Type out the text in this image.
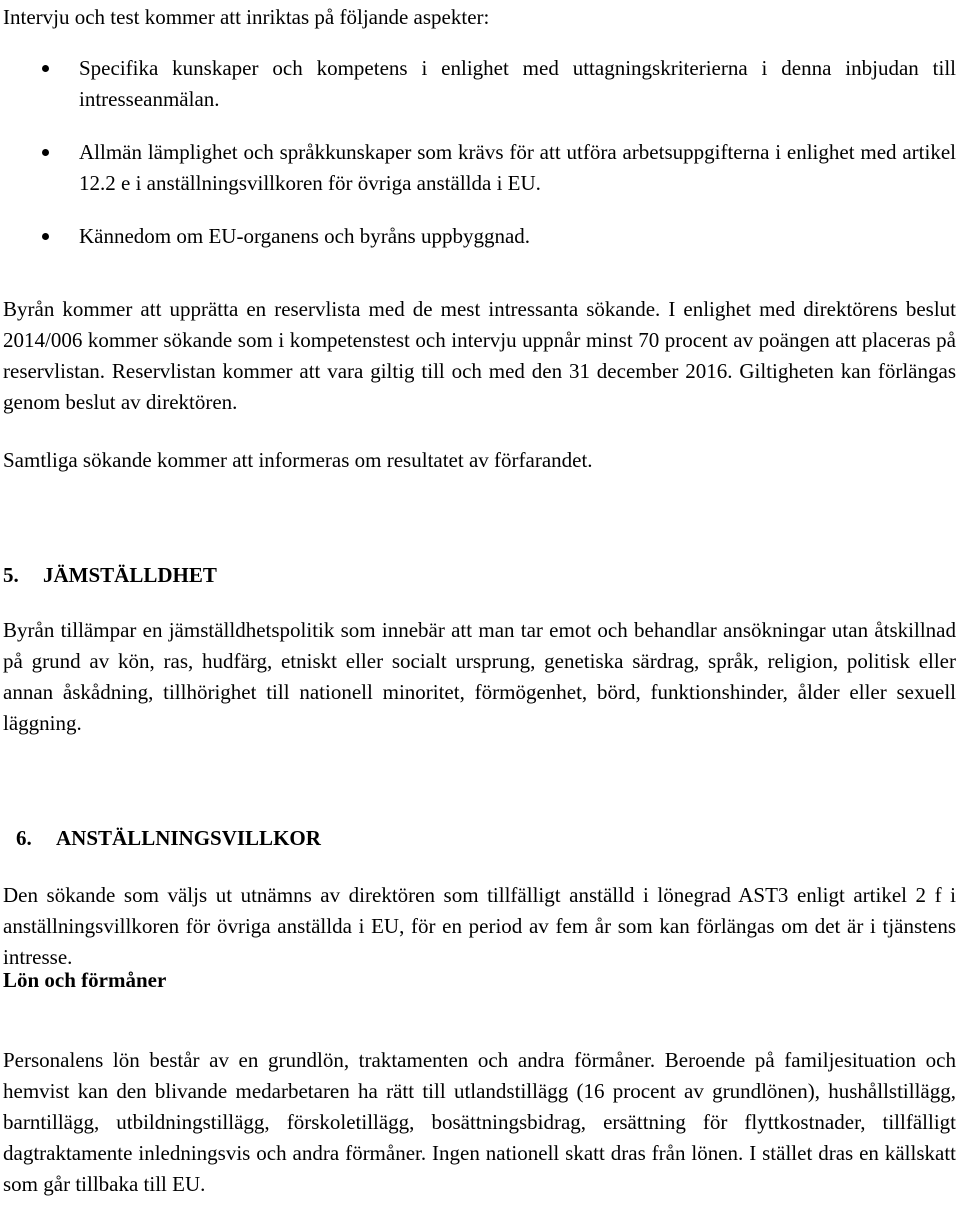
Intervju och test kommer att inriktas på följande aspekter:

Specifika kunskaper och kompetens i enlighet med uttagningskriterierna i denna inbjudan till intresseanmälan.
Allmän lämplighet och språkkunskaper som krävs för att utföra arbetsuppgifterna i enlighet med artikel 12.2 e i anställningsvillkoren för övriga anställda i EU.
Kännedom om EU-organens och byråns uppbyggnad.

Byrån kommer att upprätta en reservlista med de mest intressanta sökande. I enlighet med direktörens beslut 2014/006 kommer sökande som i kompetenstest och intervju uppnår minst 70 procent av poängen att placeras på reservlistan. Reservlistan kommer att vara giltig till och med den 31 december 2016. Giltigheten kan förlängas genom beslut av direktören.

Samtliga sökande kommer att informeras om resultatet av förfarandet.

5. JÄMSTÄLLDHET

Byrån tillämpar en jämställdhetspolitik som innebär att man tar emot och behandlar ansökningar utan åtskillnad på grund av kön, ras, hudfärg, etniskt eller socialt ursprung, genetiska särdrag, språk, religion, politisk eller annan åskådning, tillhörighet till nationell minoritet, förmögenhet, börd, funktionshinder, ålder eller sexuell läggning.

6. ANSTÄLLNINGSVILLKOR

Den sökande som väljs ut utnämns av direktören som tillfälligt anställd i lönegrad AST3 enligt artikel 2 f i anställningsvillkoren för övriga anställda i EU, för en period av fem år som kan förlängas om det är i tjänstens intresse.

Lön och förmåner

Personalens lön består av en grundlön, traktamenten och andra förmåner. Beroende på familjesituation och hemvist kan den blivande medarbetaren ha rätt till utlandstillägg (16 procent av grundlönen), hushållstillägg, barntillägg, utbildningstillägg, förskoletillägg, bosättningsbidrag, ersättning för flyttkostnader, tillfälligt dagtraktamente inledningsvis och andra förmåner. Ingen nationell skatt dras från lönen. I stället dras en källskatt som går tillbaka till EU.
